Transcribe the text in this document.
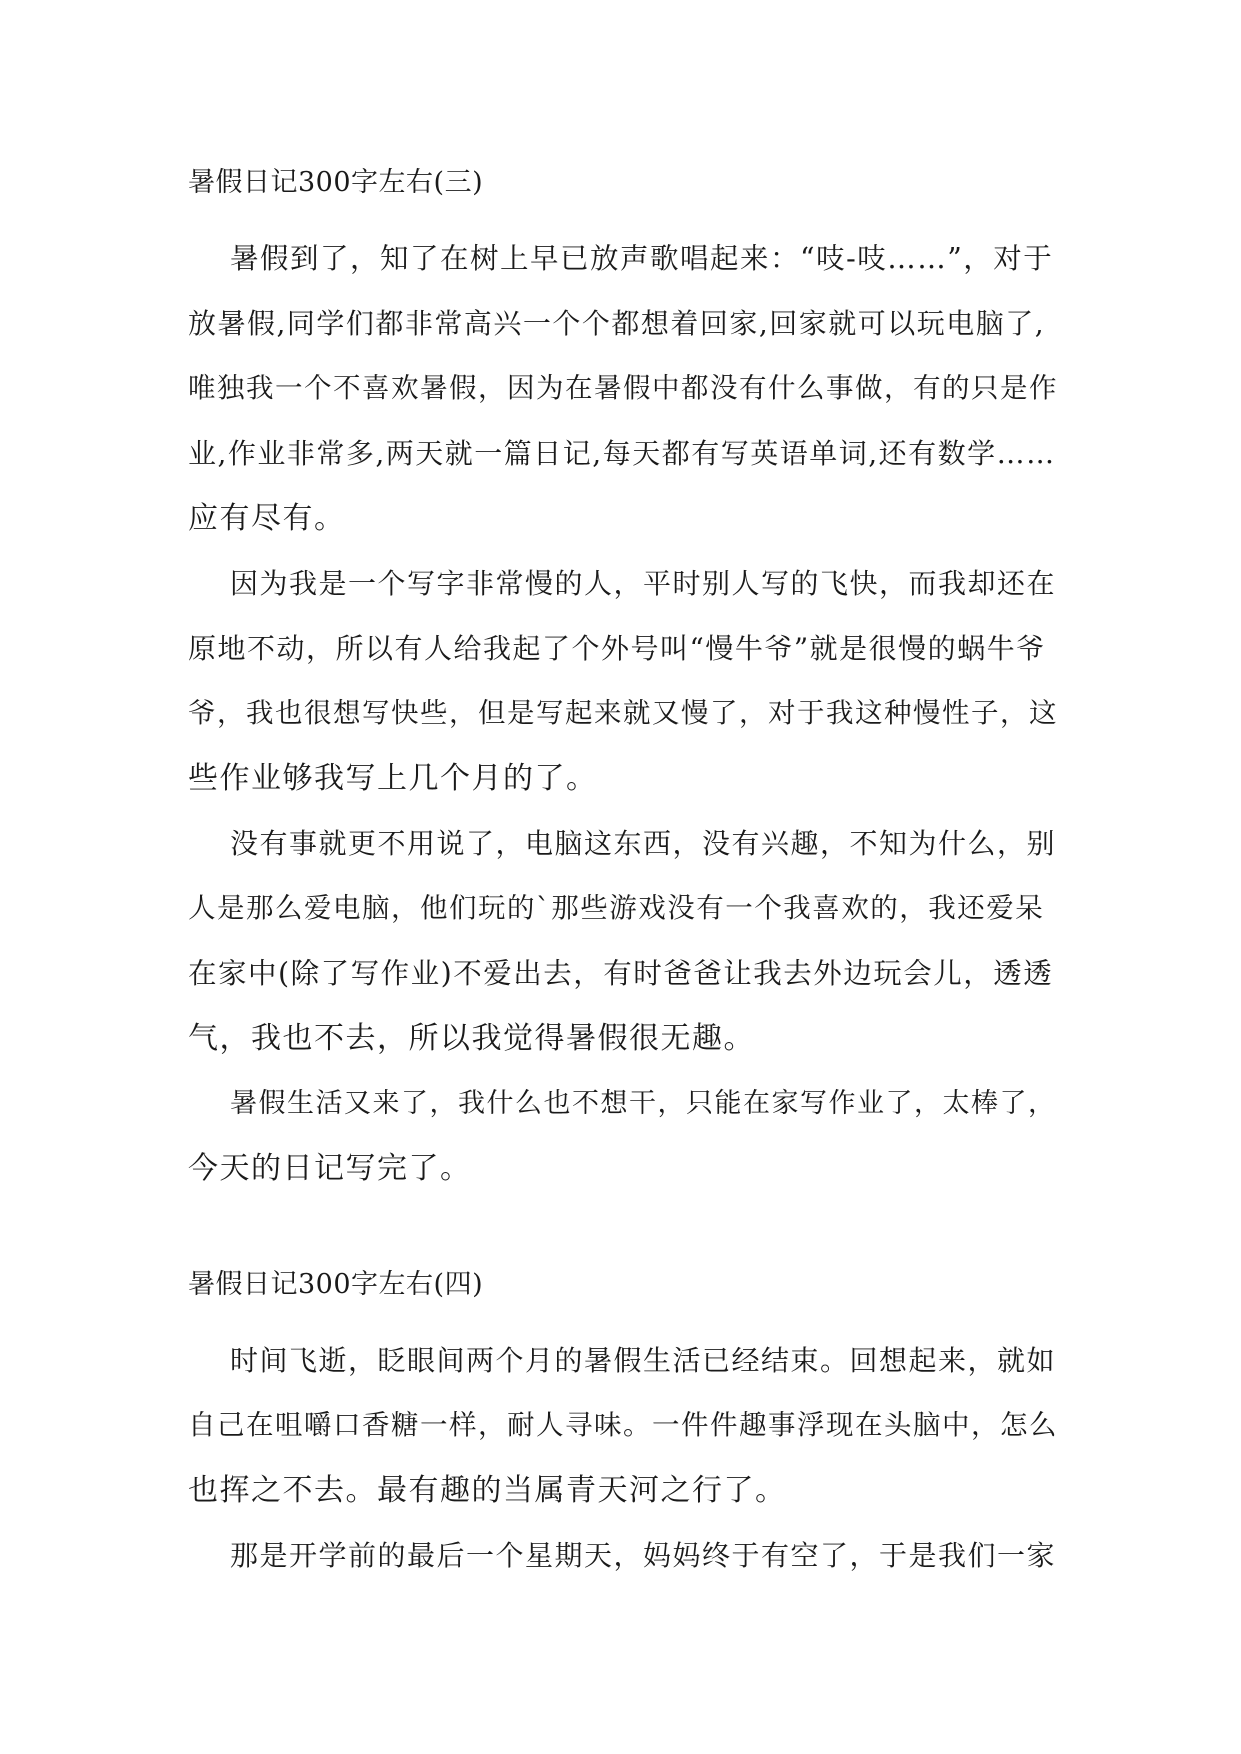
暑假日记300字左右(三)
暑假到了，知了在树上早已放声歌唱起来：“吱-吱……”，对于
放暑假,同学们都非常高兴一个个都想着回家,回家就可以玩电脑了,
唯独我一个不喜欢暑假，因为在暑假中都没有什么事做，有的只是作
业,作业非常多,两天就一篇日记,每天都有写英语单词,还有数学……
应有尽有。
因为我是一个写字非常慢的人，平时别人写的飞快，而我却还在
原地不动，所以有人给我起了个外号叫“慢牛爷”就是很慢的蜗牛爷
爷，我也很想写快些，但是写起来就又慢了，对于我这种慢性子，这
些作业够我写上几个月的了。
没有事就更不用说了，电脑这东西，没有兴趣，不知为什么，别
人是那么爱电脑，他们玩的`那些游戏没有一个我喜欢的，我还爱呆
在家中(除了写作业)不爱出去，有时爸爸让我去外边玩会儿，透透
气，我也不去，所以我觉得暑假很无趣。
暑假生活又来了，我什么也不想干，只能在家写作业了，太棒了，
今天的日记写完了。
暑假日记300字左右(四)
时间飞逝，眨眼间两个月的暑假生活已经结束。回想起来，就如
自己在咀嚼口香糖一样，耐人寻味。一件件趣事浮现在头脑中，怎么
也挥之不去。最有趣的当属青天河之行了。
那是开学前的最后一个星期天，妈妈终于有空了，于是我们一家
